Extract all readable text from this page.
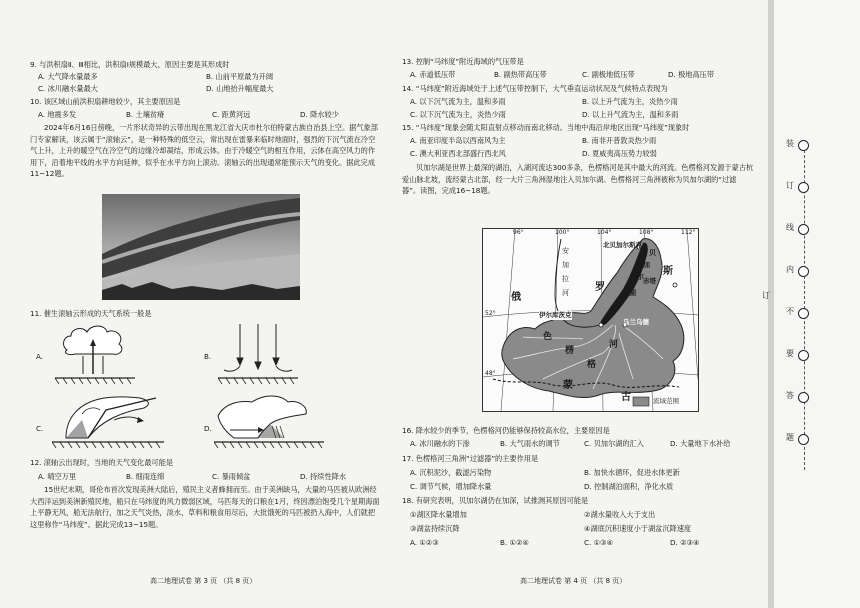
9. 与洪积扇Ⅱ、Ⅲ相比，洪积扇Ⅰ规模最大，原因主要是其形成时
A. 大气降水量最多	B. 山前平原最为开阔
C. 冰川融水量最大	D. 山地抬升幅度最大
10. 该区域山前洪积扇耕地较少，其主要原因是
A. 地震多发	B. 土壤贫瘠	C. 距黄河远	D. 降水较少
2024年6月16日傍晚，一片形状奇异的云带出现在黑龙江省大庆市杜尔伯特蒙古族自治县上空。据气象部门专家解读，该云属于“滚轴云”，是一种特殊的低空云，常出现在雷暴来临时地面时，强烈的下沉气流在冷空气上升，上升的暖空气在冷空气的边缘冷却凝结，形成云体。由于冷暖空气的相互作用，云体在高空风力的作用下，沿着地平线的水平方向延伸，似乎在水平方向上滚动。滚轴云的出现通常能预示天气的变化。据此完成11~12题。
11. 催生滚轴云形成的天气系统一般是
A.	B.
C.	D.
12. 滚轴云出现时，当地的天气变化最可能是
A. 晴空万里	B. 细雨连绵	C. 暴雨倾盆	D. 持续性降水
15世纪末期，哥伦布首次发现美洲大陆后，殖民主义者蜂拥而至。由于美洲缺马，大量的马匹被从欧洲经大西洋运到美洲新殖民地，船只在马纬度的风力微弱区域，马匹每天的口粮在1月，终因漂泊饱受几个星期海面上平静无风，船无法航行，加之天气炎热，淡水、草料和粮食用尽后，大批饿死的马匹被扔入海中，人们就把这里称作“马纬度”。据此完成13~15题。
高二地理试卷 第 3 页 （共 8 页）
13. 控制“马纬度”附近海域的气压带是
A. 赤道低压带	B. 副热带高压带	C. 副极地低压带	D. 极地高压带
14. “马纬度”附近海域处于上述气压带控制下，大气垂直运动状况及气候特点表现为
A. 以下沉气流为主，温和多雨	B. 以上升气流为主，炎热少雨
C. 以下沉气流为主，炎热少雨	D. 以上升气流为主，温和多雨
15. “马纬度”现象会随太阳直射点移动而南北移动。当地中海沿岸地区出现“马纬度”现象时
A. 南亚印度半岛以西南风为主	B. 南非开普敦炎热少雨
C. 澳大利亚西北部盛行西北风	D. 夏威夷高压势力较弱
贝加尔湖是世界上最深的湖泊，入湖河流达300多条，色楞格河是其中最大的河流。色楞格河发源于蒙古杭爱山脉北坡，流经蒙古北部，经一大片三角洲湿地注入贝加尔湖。色楞格河三角洲被称为贝加尔湖的“过滤器”。读图，完成16~18题。
96°	100°	104°	108°	112°
52°
48°
北贝加尔斯克
赤塔
伊尔库茨克
乌兰乌德
贝
加
尔
湖
安
加
拉
河
俄
罗
斯
色
楞
格
河
蒙
古	流域范围
16. 降水较少的季节，色楞格河仍能够保持较高水位，主要原因是
A. 冰川融水的下渗	B. 大气雨水的调节	C. 贝加尔湖的汇入	D. 大量地下水补给
17. 色楞格河三角洲“过滤器”的主要作用是
A. 沉积泥沙，截滤污染物	B. 加快水循环，促进水体更新
C. 调节气候，增加降水量	D. 控制湖泊面积，净化水质
18. 有研究表明，贝加尔湖仍在加深，试推测其原因可能是
①湖区降水量增加	②湖水量收入大于支出
③湖盆持续沉降	④湖底沉积速度小于湖盆沉降速度
A. ①②③	B. ①②④	C. ①③④	D. ②③④
高二地理试卷 第 4 页 （共 8 页）
装
订
线
内
不
要
答
题
订
